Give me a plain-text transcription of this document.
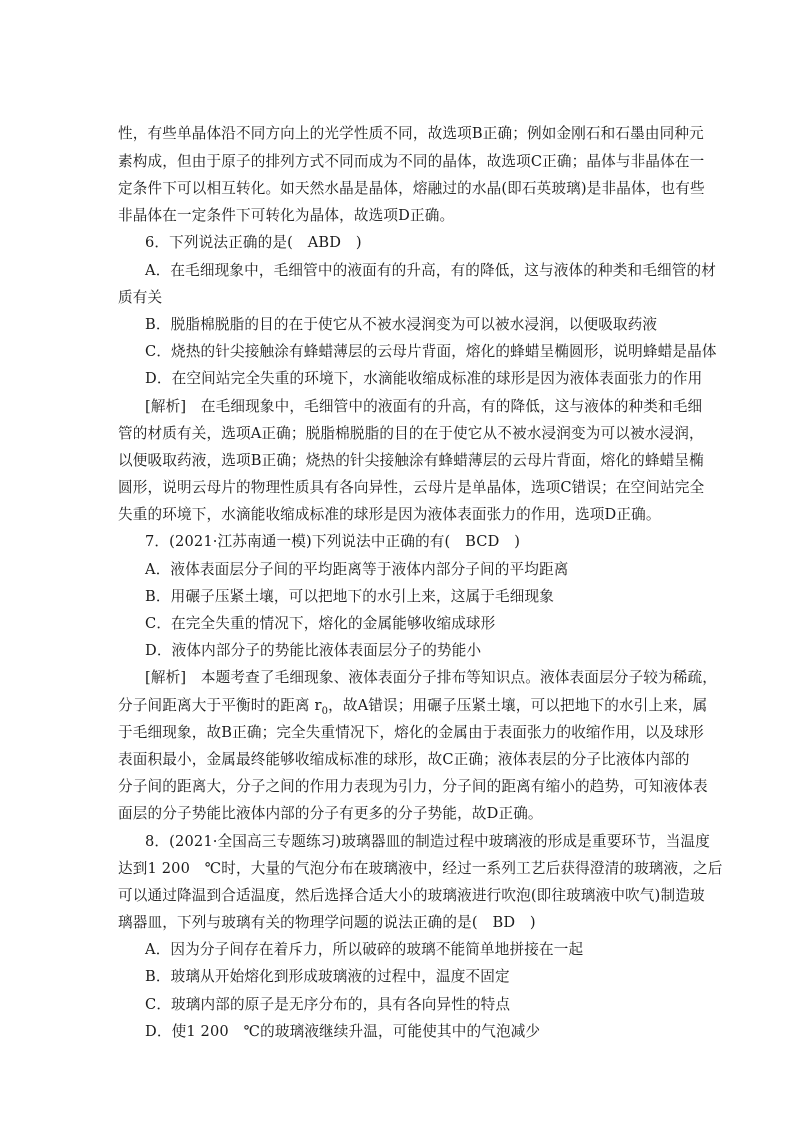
性，有些单晶体沿不同方向上的光学性质不同，故选项B正确；例如金刚石和石墨由同种元
素构成，但由于原子的排列方式不同而成为不同的晶体，故选项C正确；晶体与非晶体在一
定条件下可以相互转化。如天然水晶是晶体，熔融过的水晶(即石英玻璃)是非晶体，也有些
非晶体在一定条件下可转化为晶体，故选项D正确。
6．下列说法正确的是(　ABD　)
A．在毛细现象中，毛细管中的液面有的升高，有的降低，这与液体的种类和毛细管的材
质有关
B．脱脂棉脱脂的目的在于使它从不被水浸润变为可以被水浸润，以便吸取药液
C．烧热的针尖接触涂有蜂蜡薄层的云母片背面，熔化的蜂蜡呈椭圆形，说明蜂蜡是晶体
D．在空间站完全失重的环境下，水滴能收缩成标准的球形是因为液体表面张力的作用
[解析]　在毛细现象中，毛细管中的液面有的升高，有的降低，这与液体的种类和毛细
管的材质有关，选项A正确；脱脂棉脱脂的目的在于使它从不被水浸润变为可以被水浸润，
以便吸取药液，选项B正确；烧热的针尖接触涂有蜂蜡薄层的云母片背面，熔化的蜂蜡呈椭
圆形，说明云母片的物理性质具有各向异性，云母片是单晶体，选项C错误；在空间站完全
失重的环境下，水滴能收缩成标准的球形是因为液体表面张力的作用，选项D正确。
7．(2021·江苏南通一模)下列说法中正确的有(　BCD　)
A．液体表面层分子间的平均距离等于液体内部分子间的平均距离
B．用碾子压紧土壤，可以把地下的水引上来，这属于毛细现象
C．在完全失重的情况下，熔化的金属能够收缩成球形
D．液体内部分子的势能比液体表面层分子的势能小
[解析]　本题考查了毛细现象、液体表面分子排布等知识点。液体表面层分子较为稀疏，
分子间距离大于平衡时的距离 $r_0$，故A错误；用碾子压紧土壤，可以把地下的水引上来，属
于毛细现象，故B正确；完全失重情况下，熔化的金属由于表面张力的收缩作用，以及球形
表面积最小，金属最终能够收缩成标准的球形，故C正确；液体表层的分子比液体内部的
分子间的距离大，分子之间的作用力表现为引力，分子间的距离有缩小的趋势，可知液体表
面层的分子势能比液体内部的分子有更多的分子势能，故D正确。
8．(2021·全国高三专题练习)玻璃器皿的制造过程中玻璃液的形成是重要环节，当温度
达到1 200　℃时，大量的气泡分布在玻璃液中，经过一系列工艺后获得澄清的玻璃液，之后
可以通过降温到合适温度，然后选择合适大小的玻璃液进行吹泡(即往玻璃液中吹气)制造玻
璃器皿，下列与玻璃有关的物理学问题的说法正确的是(　BD　)
A．因为分子间存在着斥力，所以破碎的玻璃不能简单地拼接在一起
B．玻璃从开始熔化到形成玻璃液的过程中，温度不固定
C．玻璃内部的原子是无序分布的，具有各向异性的特点
D．使1 200　℃的玻璃液继续升温，可能使其中的气泡减少
